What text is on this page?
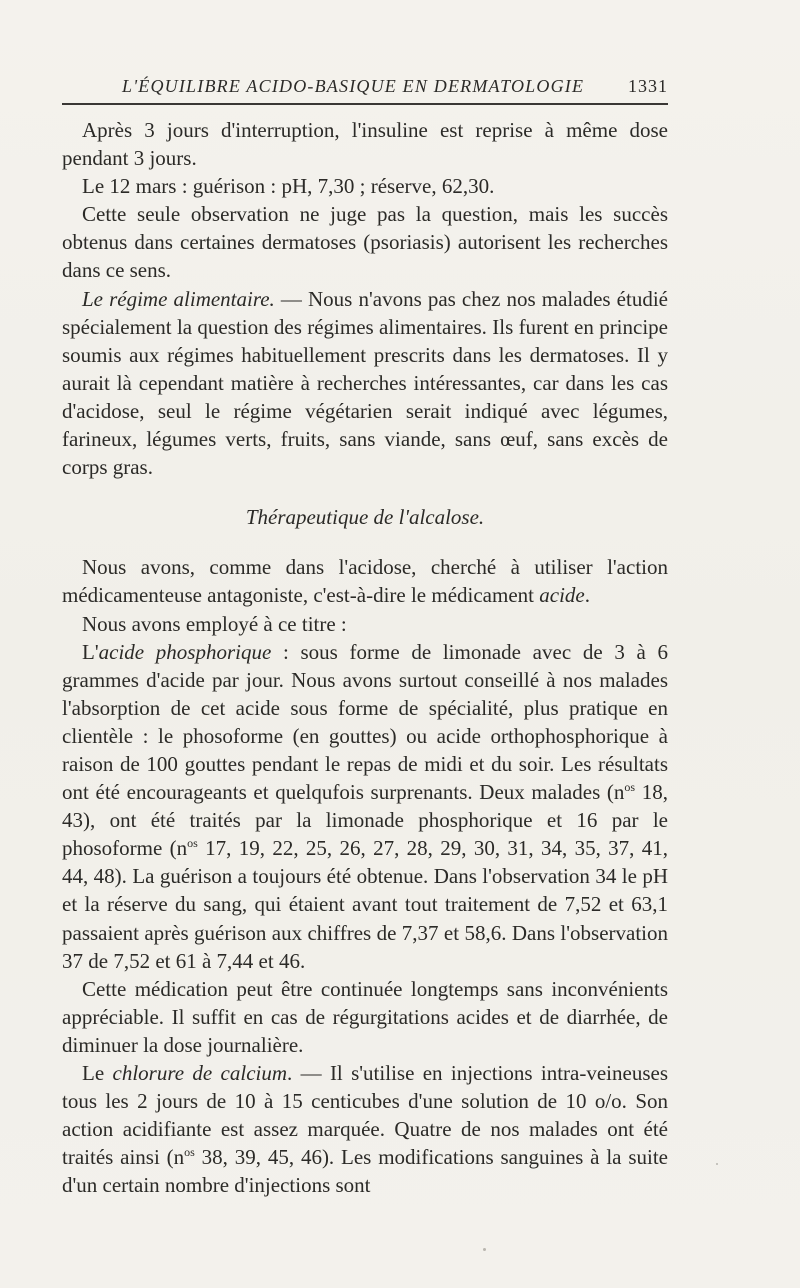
L'ÉQUILIBRE ACIDO-BASIQUE EN DERMATOLOGIE 1331

Après 3 jours d'interruption, l'insuline est reprise à même dose pendant 3 jours.

Le 12 mars : guérison : pH, 7,30 ; réserve, 62,30.

Cette seule observation ne juge pas la question, mais les succès obtenus dans certaines dermatoses (psoriasis) autorisent les recherches dans ce sens.

Le régime alimentaire. — Nous n'avons pas chez nos malades étudié spécialement la question des régimes alimentaires. Ils furent en principe soumis aux régimes habituellement prescrits dans les dermatoses. Il y aurait là cependant matière à recherches intéressantes, car dans les cas d'acidose, seul le régime végétarien serait indiqué avec légumes, farineux, légumes verts, fruits, sans viande, sans œuf, sans excès de corps gras.

Thérapeutique de l'alcalose.

Nous avons, comme dans l'acidose, cherché à utiliser l'action médicamenteuse antagoniste, c'est-à-dire le médicament acide.

Nous avons employé à ce titre :

L'acide phosphorique : sous forme de limonade avec de 3 à 6 grammes d'acide par jour. Nous avons surtout conseillé à nos malades l'absorption de cet acide sous forme de spécialité, plus pratique en clientèle : le phosoforme (en gouttes) ou acide orthophosphorique à raison de 100 gouttes pendant le repas de midi et du soir. Les résultats ont été encourageants et quelqufois surprenants. Deux malades ($n^{os}$ 18, 43), ont été traités par la limonade phosphorique et 16 par le phosoforme ($n^{os}$ 17, 19, 22, 25, 26, 27, 28, 29, 30, 31, 34, 35, 37, 41, 44, 48). La guérison a toujours été obtenue. Dans l'observation 34 le pH et la réserve du sang, qui étaient avant tout traitement de 7,52 et 63,1 passaient après guérison aux chiffres de 7,37 et 58,6. Dans l'observation 37 de 7,52 et 61 à 7,44 et 46.

Cette médication peut être continuée longtemps sans inconvénients appréciable. Il suffit en cas de régurgitations acides et de diarrhée, de diminuer la dose journalière.

Le chlorure de calcium. — Il s'utilise en injections intra-veineuses tous les 2 jours de 10 à 15 centicubes d'une solution de 10 o/o. Son action acidifiante est assez marquée. Quatre de nos malades ont été traités ainsi ($n^{os}$ 38, 39, 45, 46). Les modifications sanguines à la suite d'un certain nombre d'injections sont
